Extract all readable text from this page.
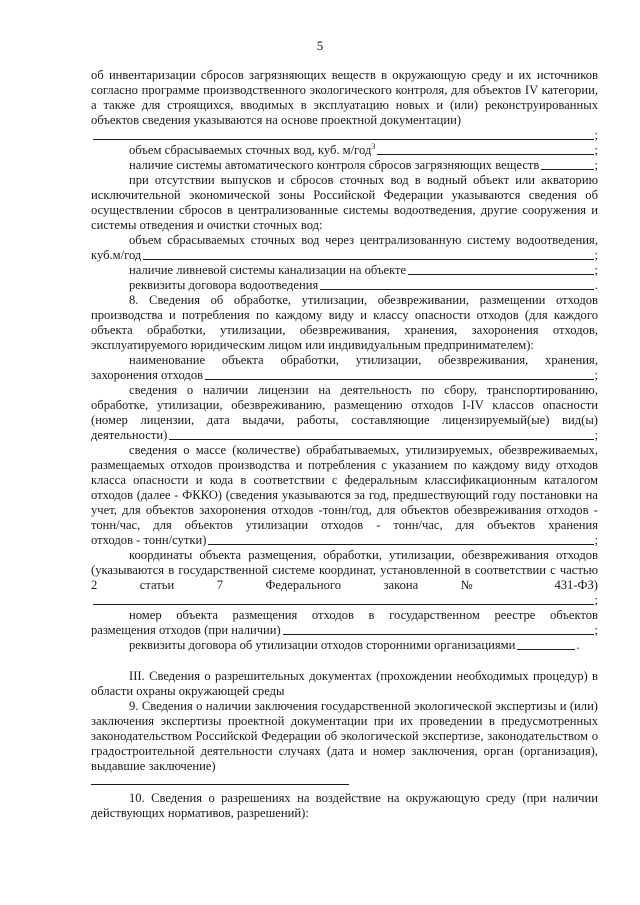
5

об инвентаризации сбросов загрязняющих веществ в окружающую среду и их источников согласно программе производственного экологического контроля, для объектов IV категории, а также для строящихся, вводимых в эксплуатацию новых и (или) реконструированных объектов сведения указываются на основе проектной документации)

;
объем сбрасываемых сточных вод, куб. м/год$^3$	;
наличие системы автоматического контроля сбросов загрязняющих веществ	;

при отсутствии выпусков и сбросов сточных вод в водный объект или акваторию исключительной экономической зоны Российской Федерации указываются сведения об осуществлении сбросов в централизованные системы водоотведения, другие сооружения и системы отведения и очистки сточных вод:

объем сбрасываемых сточных вод через централизованную систему водоотведения,

куб.м/год	;
наличие ливневой системы канализации на объекте	;
реквизиты договора водоотведения	.

8. Сведения об обработке, утилизации, обезвреживании, размещении отходов производства и потребления по каждому виду и классу опасности отходов (для каждого объекта обработки, утилизации, обезвреживания, хранения, захоронения отходов, эксплуатируемого юридическим лицом или индивидуальным предпринимателем):

наименование объекта обработки, утилизации, обезвреживания, хранения,

захоронения отходов	;

сведения о наличии лицензии на деятельность по сбору, транспортированию, обработке, утилизации, обезвреживанию, размещению отходов I-IV классов опасности (номер лицензии, дата выдачи, работы, составляющие лицензируемый(ые) вид(ы)

деятельности)	;

сведения о массе (количестве) обрабатываемых, утилизируемых, обезвреживаемых, размещаемых отходов производства и потребления с указанием по каждому виду отходов класса опасности и кода в соответствии с федеральным классификационным каталогом отходов (далее - ФККО) (сведения указываются за год, предшествующий году постановки на учет, для объектов захоронения отходов -тонн/год, для объектов обезвреживания отходов - тонн/час, для объектов утилизации отходов - тонн/час, для объектов хранения

отходов - тонн/сутки)	;

координаты объекта размещения, обработки, утилизации, обезвреживания отходов (указываются в государственной системе координат, установленной в соответствии с частью 2 статьи 7 Федерального закона № 431-ФЗ)

;

номер объекта размещения отходов в государственном реестре объектов

размещения отходов (при наличии)	;
реквизиты договора об утилизации отходов сторонними организациями	.

III. Сведения о разрешительных документах (прохождении необходимых процедур) в области охраны окружающей среды

9. Сведения о наличии заключения государственной экологической экспертизы и (или) заключения экспертизы проектной документации при их проведении в предусмотренных законодательством Российской Федерации об экологической экспертизе, законодательством о градостроительной деятельности случаях (дата и номер заключения, орган (организация), выдавшие заключение)

10. Сведения о разрешениях на воздействие на окружающую среду (при наличии действующих нормативов, разрешений):
